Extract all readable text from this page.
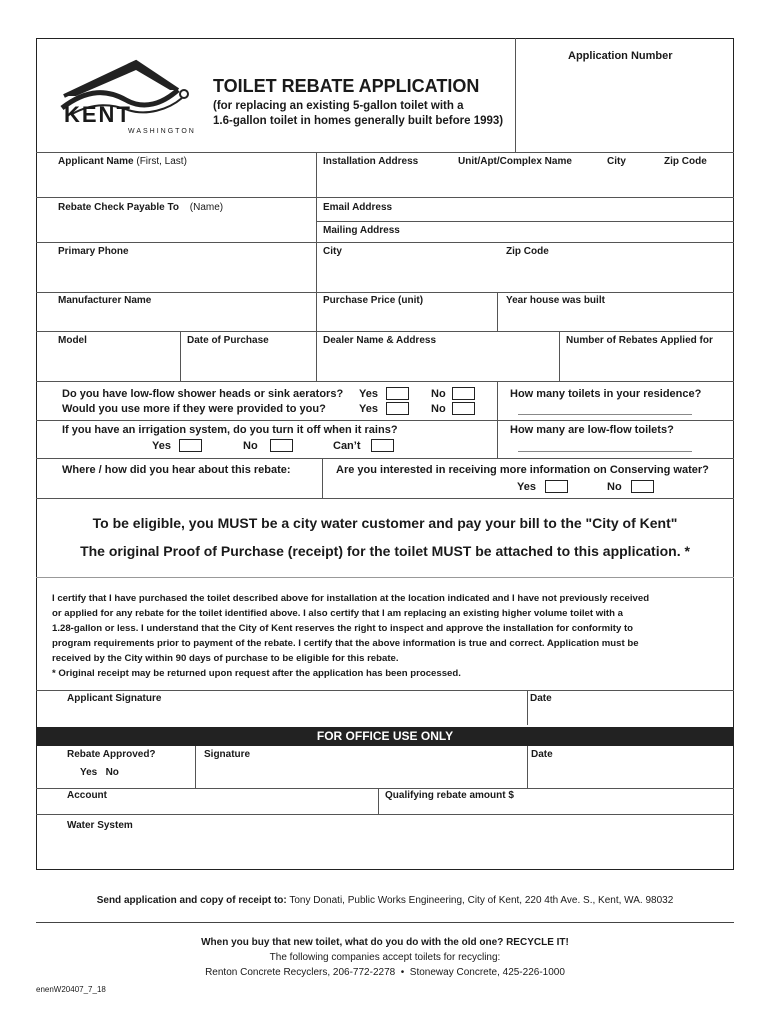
Application Number
KENT
WASHINGTON
TOILET REBATE APPLICATION
(for replacing an existing 5-gallon toilet with a
1.6-gallon toilet in homes generally built before 1993)
Applicant Name (First, Last)	Installation Address	Unit/Apt/Complex Name	City	Zip Code
Rebate Check Payable To (Name)	Email Address
Mailing Address
Primary Phone	City	Zip Code
Manufacturer Name	Purchase Price (unit)	Year house was built
Model	Date of Purchase	Dealer Name & Address	Number of Rebates Applied for
Do you have low-flow shower heads or sink aerators? Yes	No
Would you use more if they were provided to you?	Yes	No
If you have an irrigation system, do you turn it off when it rains?
Yes	No	Can’t
How many toilets in your residence?
How many are low-flow toilets?
Where / how did you hear about this rebate:	Are you interested in receiving more information on Conserving water?
Yes	No
To be eligible, you MUST be a city water customer and pay your bill to the "City of Kent"
The original Proof of Purchase (receipt) for the toilet MUST be attached to this application. *
I certify that I have purchased the toilet described above for installation at the location indicated and I have not previously received
or applied for any rebate for the toilet identified above. I also certify that I am replacing an existing higher volume toilet with a
1.28-gallon or less. I understand that the City of Kent reserves the right to inspect and approve the installation for conformity to
program requirements prior to payment of the rebate. I certify that the above information is true and correct. Application must be
received by the City within 90 days of purchase to be eligible for this rebate.
* Original receipt may be returned upon request after the application has been processed.
Applicant Signature	Date
FOR OFFICE USE ONLY
Rebate Approved?
Yes   No
Signature	Date
Account	Qualifying rebate amount $
Water System
Send application and copy of receipt to: Tony Donati, Public Works Engineering, City of Kent, 220 4th Ave. S., Kent, WA. 98032
When you buy that new toilet, what do you do with the old one? RECYCLE IT!
The following companies accept toilets for recycling:
Renton Concrete Recyclers, 206-772-2278  •  Stoneway Concrete, 425-226-1000
enenW20407_7_18
